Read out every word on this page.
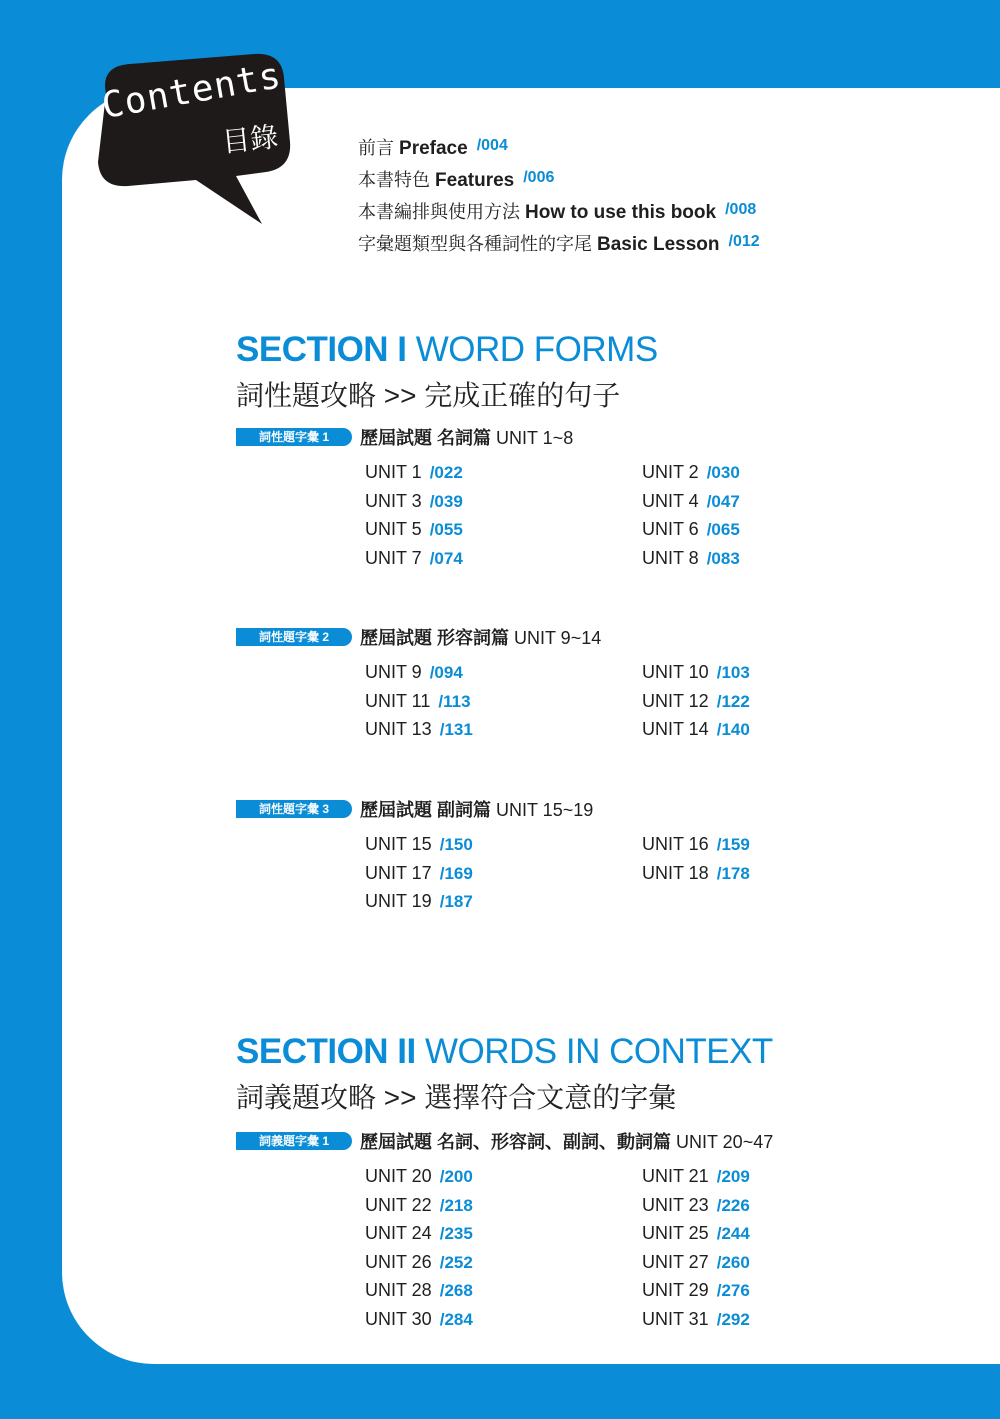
Contents
目錄	前言 Preface /004
本書特色 Features /006
本書編排與使用方法 How to use this book /008
字彙題類型與各種詞性的字尾 Basic Lesson /012
SECTION I WORD FORMS
詞性題攻略 >> 完成正確的句子
詞性題字彙 1 歷屆試題 名詞篇 UNIT 1~8
UNIT 1 /022	UNIT 2 /030
UNIT 3 /039	UNIT 4 /047
UNIT 5 /055	UNIT 6 /065
UNIT 7 /074	UNIT 8 /083
詞性題字彙 2 歷屆試題 形容詞篇 UNIT 9~14
UNIT 9 /094	UNIT 10 /103
UNIT 11 /113	UNIT 12 /122
UNIT 13 /131	UNIT 14 /140
詞性題字彙 3 歷屆試題 副詞篇 UNIT 15~19
UNIT 15 /150	UNIT 16 /159
UNIT 17 /169	UNIT 18 /178
UNIT 19 /187
SECTION II WORDS IN CONTEXT
詞義題攻略 >> 選擇符合文意的字彙
詞義題字彙 1 歷屆試題 名詞、形容詞、副詞、動詞篇 UNIT 20~47
UNIT 20 /200	UNIT 21 /209
UNIT 22 /218	UNIT 23 /226
UNIT 24 /235	UNIT 25 /244
UNIT 26 /252	UNIT 27 /260
UNIT 28 /268	UNIT 29 /276
UNIT 30 /284	UNIT 31 /292
